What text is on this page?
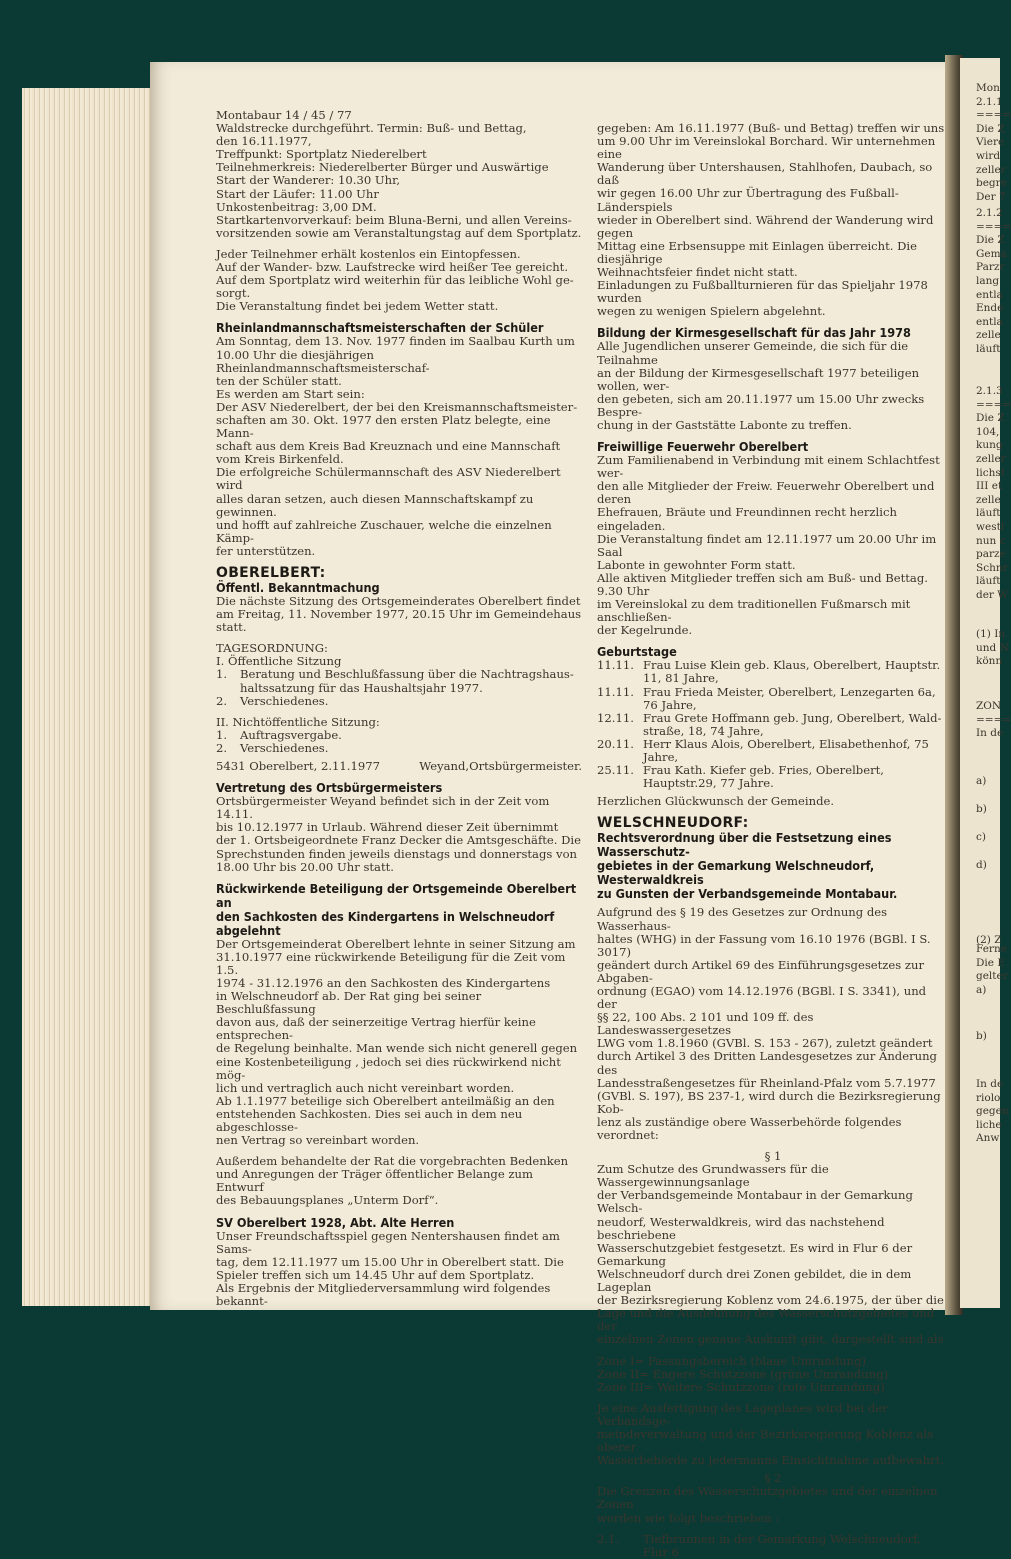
Mon
2.1.1
====
Die Z
Viere
wird
zeller
begre
Der 7
2.1.2
====
Die Z
Gema
Parzr
lang
entla
Ende
entla
zelle
läuft
2.1.3
====
Die Z
104,
kung
zeller
lichst
III et
zelle
läuft
westl
nun c
parze
Schnr
läuft
der W
(1) In
und N
könn
ZON
====
In de
a)
b)
c)
d)
Ferne
Die E
gelter
a)
b)
(2) Z
In de
riolo
gegen
liche
Anw

Montabaur 14 / 45 / 77

Waldstrecke durchgeführt. Termin: Buß- und Bettag,

den 16.11.1977,

Treffpunkt: Sportplatz Niederelbert

Teilnehmerkreis: Niederelberter Bürger und Auswärtige

Start der Wanderer: 10.30 Uhr,

Start der Läufer: 11.00 Uhr

Unkostenbeitrag: 3,00 DM.

Startkartenvorverkauf: beim Bluna-Berni, und allen Vereins-

vorsitzenden sowie am Veranstaltungstag auf dem Sportplatz.

Jeder Teilnehmer erhält kostenlos ein Eintopfessen.

Auf der Wander- bzw. Laufstrecke wird heißer Tee gereicht.

Auf dem Sportplatz wird weiterhin für das leibliche Wohl ge-

sorgt.

Die Veranstaltung findet bei jedem Wetter statt.

Rheinlandmannschaftsmeisterschaften der Schüler

Am Sonntag, dem 13. Nov. 1977 finden im Saalbau Kurth um

10.00 Uhr die diesjährigen Rheinlandmannschaftsmeisterschaf-

ten der Schüler statt.

Es werden am Start sein:

Der ASV Niederelbert, der bei den Kreismannschaftsmeister-

schaften am 30. Okt. 1977 den ersten Platz belegte, eine Mann-

schaft aus dem Kreis Bad Kreuznach und eine Mannschaft

vom Kreis Birkenfeld.

Die erfolgreiche Schülermannschaft des ASV Niederelbert wird

alles daran setzen, auch diesen Mannschaftskampf zu gewinnen.

und hofft auf zahlreiche Zuschauer, welche die einzelnen Kämp-

fer unterstützen.

OBERELBERT:

Öffentl. Bekanntmachung

Die nächste Sitzung des Ortsgemeinderates Oberelbert findet

am Freitag, 11. November 1977, 20.15 Uhr im Gemeindehaus

statt.

TAGESORDNUNG:

I. Öffentliche Sitzung

1.	Beratung und Beschlußfassung über die Nachtragshaus-haltssatzung für das Haushaltsjahr 1977.
2.	Verschiedenes.

II. Nichtöffentliche Sitzung:

1.	Auftragsvergabe.
2.	Verschiedenes.
5431 Oberelbert, 2.11.1977	Weyand,Ortsbürgermeister.

Vertretung des Ortsbürgermeisters

Ortsbürgermeister Weyand befindet sich in der Zeit vom 14.11.

bis 10.12.1977 in Urlaub. Während dieser Zeit übernimmt

der 1. Ortsbeigeordnete Franz Decker die Amtsgeschäfte. Die

Sprechstunden finden jeweils dienstags und donnerstags von

18.00 Uhr bis 20.00 Uhr statt.

Rückwirkende Beteiligung der Ortsgemeinde Oberelbert an

den Sachkosten des Kindergartens in Welschneudorf abgelehnt

Der Ortsgemeinderat Oberelbert lehnte in seiner Sitzung am

31.10.1977 eine rückwirkende Beteiligung für die Zeit vom 1.5.

1974 - 31.12.1976 an den Sachkosten des Kindergartens

in Welschneudorf ab. Der Rat ging bei seiner Beschlußfassung

davon aus, daß der seinerzeitige Vertrag hierfür keine entsprechen-

de Regelung beinhalte. Man wende sich nicht generell gegen

eine Kostenbeteiligung , jedoch sei dies rückwirkend nicht mög-

lich und vertraglich auch nicht vereinbart worden.

Ab 1.1.1977 beteilige sich Oberelbert anteilmäßig an den

entstehenden Sachkosten. Dies sei auch in dem neu abgeschlosse-

nen Vertrag so vereinbart worden.

Außerdem behandelte der Rat die vorgebrachten Bedenken

und Anregungen der Träger öffentlicher Belange zum Entwurf

des Bebauungsplanes „Unterm Dorf“.

SV Oberelbert 1928, Abt. Alte Herren

Unser Freundschaftsspiel gegen Nentershausen findet am Sams-

tag, dem 12.11.1977 um 15.00 Uhr in Oberelbert statt. Die

Spieler treffen sich um 14.45 Uhr auf dem Sportplatz.

Als Ergebnis der Mitgliederversammlung wird folgendes bekannt-

gegeben: Am 16.11.1977 (Buß- und Bettag) treffen wir uns

um 9.00 Uhr im Vereinslokal Borchard. Wir unternehmen eine

Wanderung über Untershausen, Stahlhofen, Daubach, so daß

wir gegen 16.00 Uhr zur Übertragung des Fußball-Länderspiels

wieder in Oberelbert sind. Während der Wanderung wird gegen

Mittag eine Erbsensuppe mit Einlagen überreicht. Die diesjährige

Weihnachtsfeier findet nicht statt.

Einladungen zu Fußballturnieren für das Spieljahr 1978 wurden

wegen zu wenigen Spielern abgelehnt.

Bildung der Kirmesgesellschaft für das Jahr 1978

Alle Jugendlichen unserer Gemeinde, die sich für die Teilnahme

an der Bildung der Kirmesgesellschaft 1977 beteiligen wollen, wer-

den gebeten, sich am 20.11.1977 um 15.00 Uhr zwecks Bespre-

chung in der Gaststätte Labonte zu treffen.

Freiwillige Feuerwehr Oberelbert

Zum Familienabend in Verbindung mit einem Schlachtfest wer-

den alle Mitglieder der Freiw. Feuerwehr Oberelbert und deren

Ehefrauen, Bräute und Freundinnen recht herzlich eingeladen.

Die Veranstaltung findet am 12.11.1977 um 20.00 Uhr im Saal

Labonte in gewohnter Form statt.

Alle aktiven Mitglieder treffen sich am Buß- und Bettag. 9.30 Uhr

im Vereinslokal zu dem traditionellen Fußmarsch mit anschließen-

der Kegelrunde.

Geburtstage

11.11. Frau Luise Klein geb. Klaus, Oberelbert, Hauptstr. 11, 81 Jahre,
11.11. Frau Frieda Meister, Oberelbert, Lenzegarten 6a, 76 Jahre,
12.11. Frau Grete Hoffmann geb. Jung, Oberelbert, Wald-straße, 18, 74 Jahre,
20.11. Herr Klaus Alois, Oberelbert, Elisabethenhof, 75 Jahre,
25.11. Frau Kath. Kiefer geb. Fries, Oberelbert, Hauptstr.29, 77 Jahre.

Herzlichen Glückwunsch der Gemeinde.

WELSCHNEUDORF:

Rechtsverordnung über die Festsetzung eines Wasserschutz-

gebietes in der Gemarkung Welschneudorf, Westerwaldkreis

zu Gunsten der Verbandsgemeinde Montabaur.

Aufgrund des § 19 des Gesetzes zur Ordnung des Wasserhaus-

haltes (WHG) in der Fassung vom 16.10 1976 (BGBl. I S. 3017)

geändert durch Artikel 69 des Einführungsgesetzes zur Abgaben-

ordnung (EGAO) vom 14.12.1976 (BGBl. I S. 3341), und der

§§ 22, 100 Abs. 2 101 und 109 ff. des Landeswassergesetzes

LWG vom 1.8.1960 (GVBl. S. 153 - 267), zuletzt geändert

durch Artikel 3 des Dritten Landesgesetzes zur Änderung des

Landesstraßengesetzes für Rheinland-Pfalz vom 5.7.1977

(GVBl. S. 197), BS 237-1, wird durch die Bezirksregierung Kob-

lenz als zuständige obere Wasserbehörde folgendes verordnet:

§ 1

Zum Schutze des Grundwassers für die Wassergewinnungsanlage

der Verbandsgemeinde Montabaur in der Gemarkung Welsch-

neudorf, Westerwaldkreis, wird das nachstehend beschriebene

Wasserschutzgebiet festgesetzt. Es wird in Flur 6 der Gemarkung

Welschneudorf durch drei Zonen gebildet, die in dem Lageplan

der Bezirksregierung Koblenz vom 24.6.1975, der über die

Lage und die Ausdehnung des Wasserschutzgebietes und der

einzelnen Zonen genaue Auskunft gibt, dargestellt sind als

Zone I = Fassungsbereich (blaue Umrandung)
Zone II = Engere Schutzzone (grüne Umrandung)
Zone III = Weitere Schutzzone (rote Umrandung)

Je eine Ausfertigung des Lageplanes wird bei der Verbandsge-

meindeverwaltung und der Bezirksregierung Koblenz als oberer

Wasserbehörde zu jedermanns Einsichtnahme aufbewahrt.

§ 2

Die Grenzen des Wasserschutzgebietes und der einzelnen Zonen

werden wie folgt beschrieben :

2.1.	Tiefbrunnen in der Gemarkung Welschneudorf, Flur 6
